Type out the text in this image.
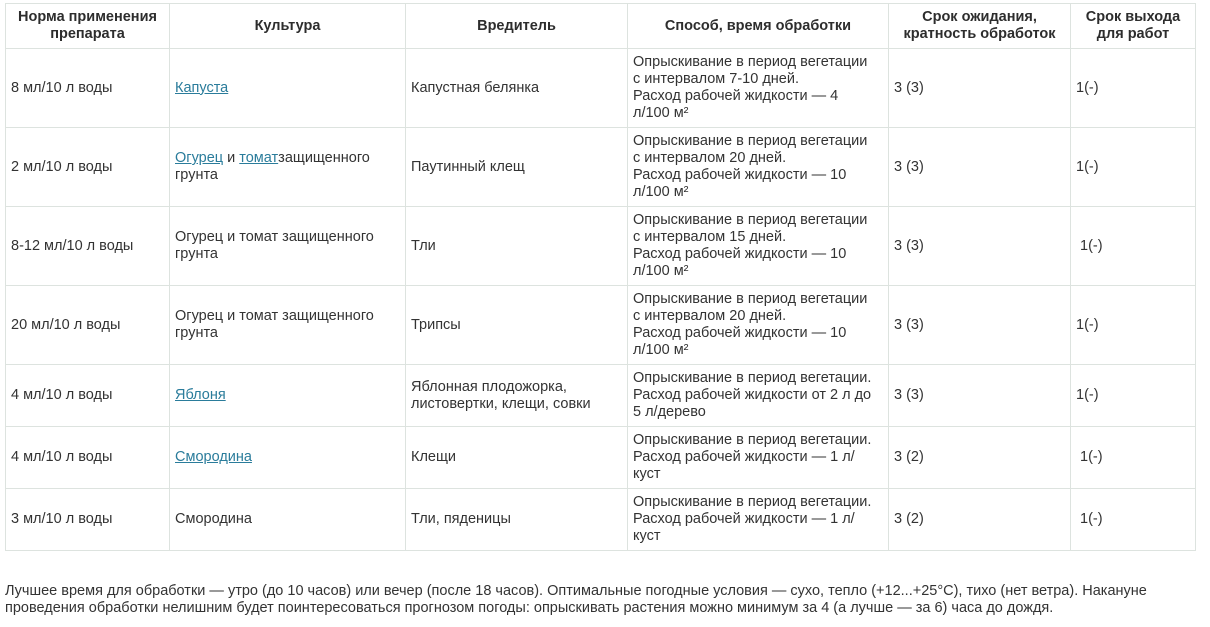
Норма применения препарата	Культура	Вредитель	Способ, время обработки	Срок ожидания, кратность обработок	Срок выхода для работ
8 мл/10 л воды	Капуста	Капустная белянка	Опрыскивание в период вегетации
с интервалом 7-10 дней.
Расход рабочей жидкости — 4
л/100 м²	3 (3)	1(-)
2 мл/10 л воды	Огурец и томатзащищенного грунта	Паутинный клещ	Опрыскивание в период вегетации
с интервалом 20 дней.
Расход рабочей жидкости — 10
л/100 м²	3 (3)	1(-)
8-12 мл/10 л воды	Огурец и томат защищенного грунта	Тли	Опрыскивание в период вегетации
с интервалом 15 дней.
Расход рабочей жидкости — 10
л/100 м²	3 (3)	1(-)
20 мл/10 л воды	Огурец и томат защищенного грунта	Трипсы	Опрыскивание в период вегетации
с интервалом 20 дней.
Расход рабочей жидкости — 10
л/100 м²	3 (3)	1(-)
4 мл/10 л воды	Яблоня	Яблонная плодожорка, листовертки, клещи, совки	Опрыскивание в период вегетации.
Расход рабочей жидкости от 2 л до
5 л/дерево	3 (3)	1(-)
4 мл/10 л воды	Смородина	Клещи	Опрыскивание в период вегетации.
Расход рабочей жидкости — 1 л/
куст	3 (2)	1(-)
3 мл/10 л воды	Смородина	Тли, пяденицы	Опрыскивание в период вегетации.
Расход рабочей жидкости — 1 л/
куст	3 (2)	1(-)
Лучшее время для обработки — утро (до 10 часов) или вечер (после 18 часов). Оптимальные погодные условия — сухо, тепло (+12...+25°C), тихо (нет ветра). Накануне
проведения обработки нелишним будет поинтересоваться прогнозом погоды: опрыскивать растения можно минимум за 4 (а лучше — за 6) часа до дождя.
